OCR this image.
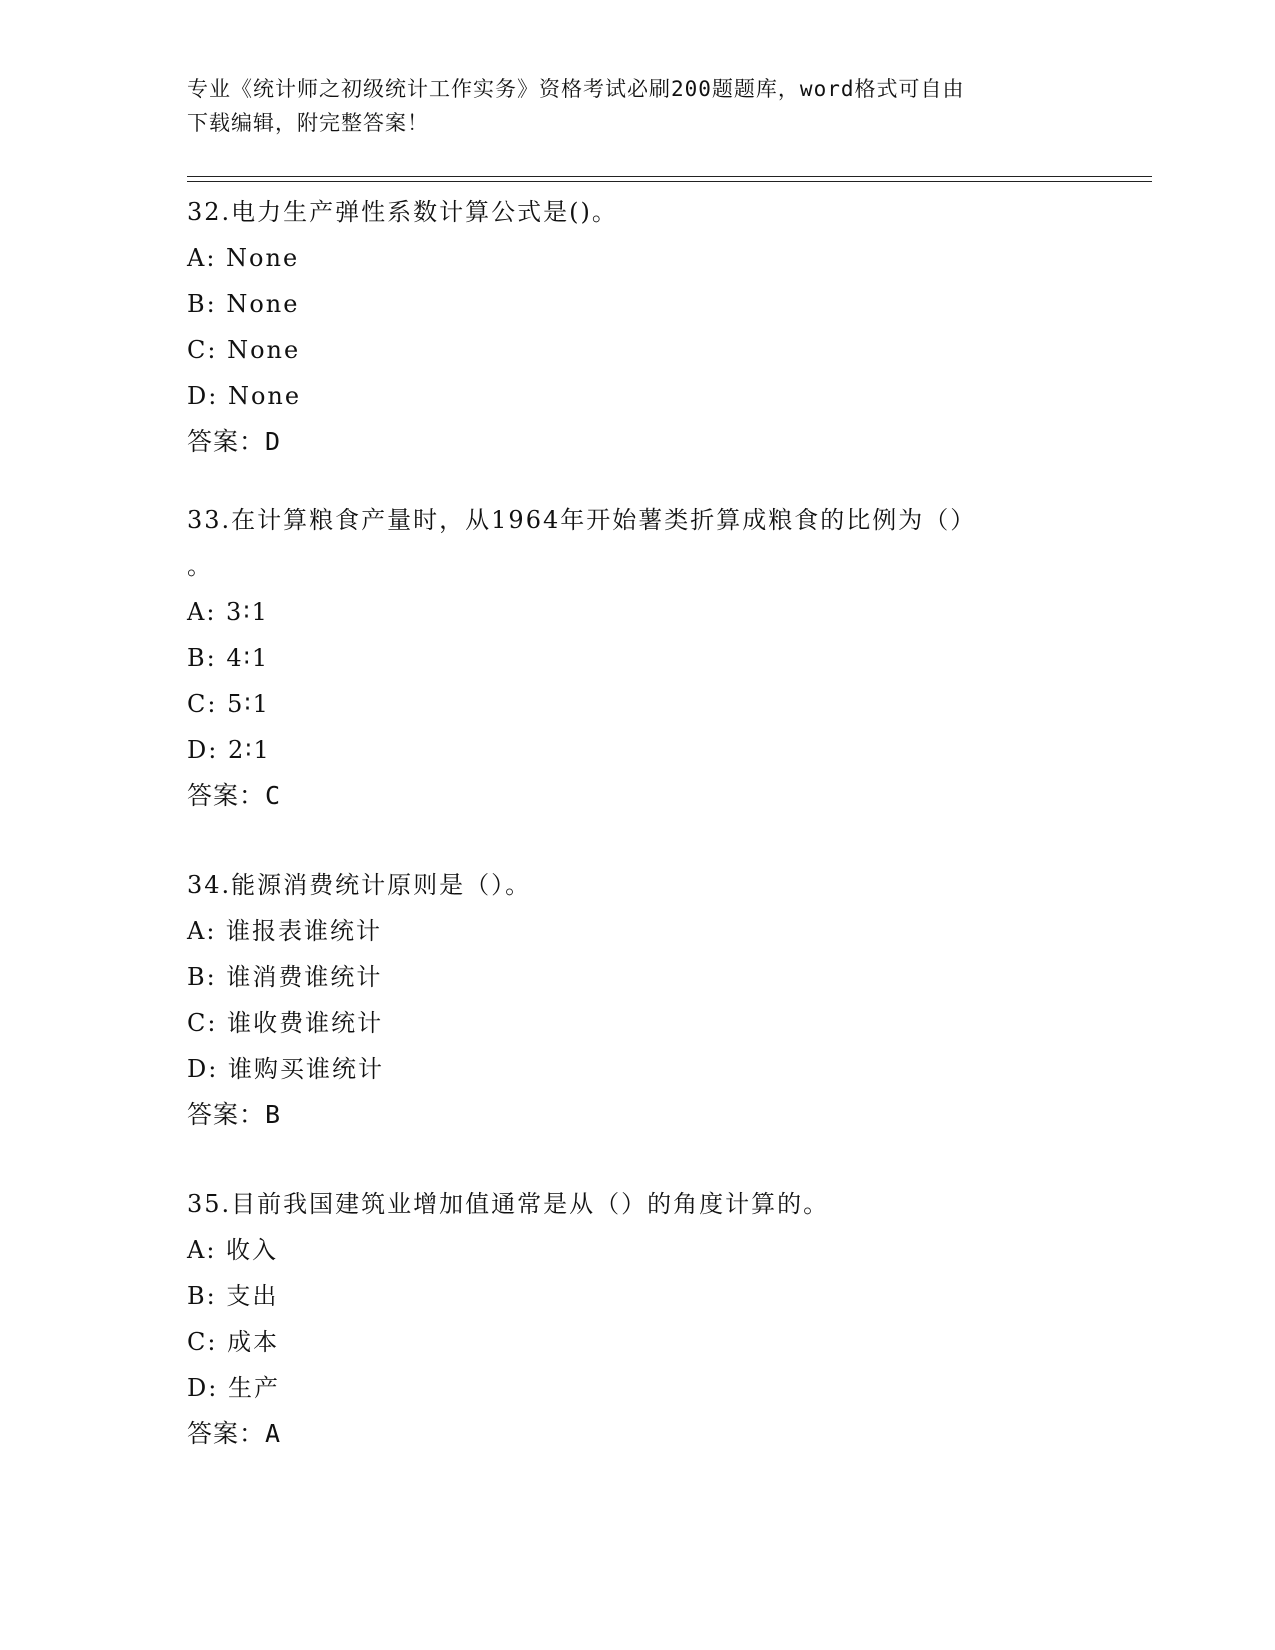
专业《统计师之初级统计工作实务》资格考试必刷200题题库，word格式可自由
下载编辑，附完整答案！
32.电力生产弹性系数计算公式是()。
A: None
B: None
C: None
D: None
答案：D
33.在计算粮食产量时，从1964年开始薯类折算成粮食的比例为（）
。
A: 3∶1
B: 4∶1
C: 5∶1
D: 2∶1
答案：C
34.能源消费统计原则是（）。
A: 谁报表谁统计
B: 谁消费谁统计
C: 谁收费谁统计
D: 谁购买谁统计
答案：B
35.目前我国建筑业增加值通常是从（）的角度计算的。
A: 收入
B: 支出
C: 成本
D: 生产
答案：A
